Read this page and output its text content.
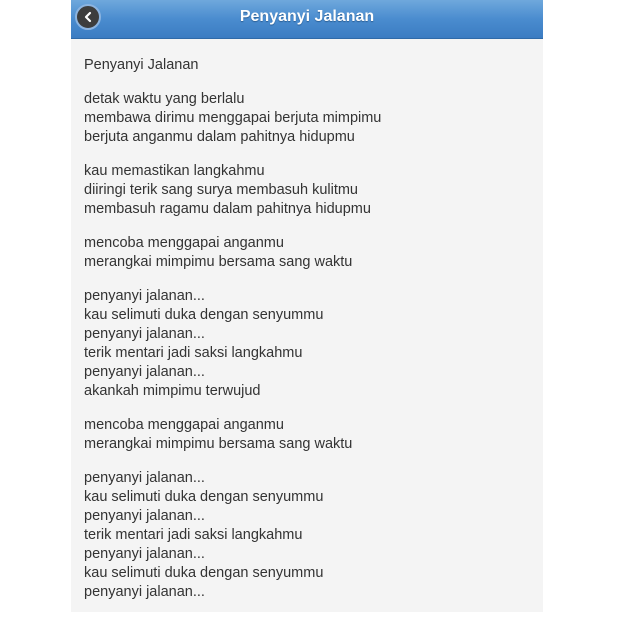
Penyanyi Jalanan
Penyanyi Jalanan
detak waktu yang berlalu
membawa dirimu menggapai berjuta mimpimu
berjuta anganmu dalam pahitnya hidupmu
kau memastikan langkahmu
diiringi terik sang surya membasuh kulitmu
membasuh ragamu dalam pahitnya hidupmu
mencoba menggapai anganmu
merangkai mimpimu bersama sang waktu
penyanyi jalanan...
kau selimuti duka dengan senyummu
penyanyi jalanan...
terik mentari jadi saksi langkahmu
penyanyi jalanan...
akankah mimpimu terwujud
mencoba menggapai anganmu
merangkai mimpimu bersama sang waktu
penyanyi jalanan...
kau selimuti duka dengan senyummu
penyanyi jalanan...
terik mentari jadi saksi langkahmu
penyanyi jalanan...
kau selimuti duka dengan senyummu
penyanyi jalanan...
